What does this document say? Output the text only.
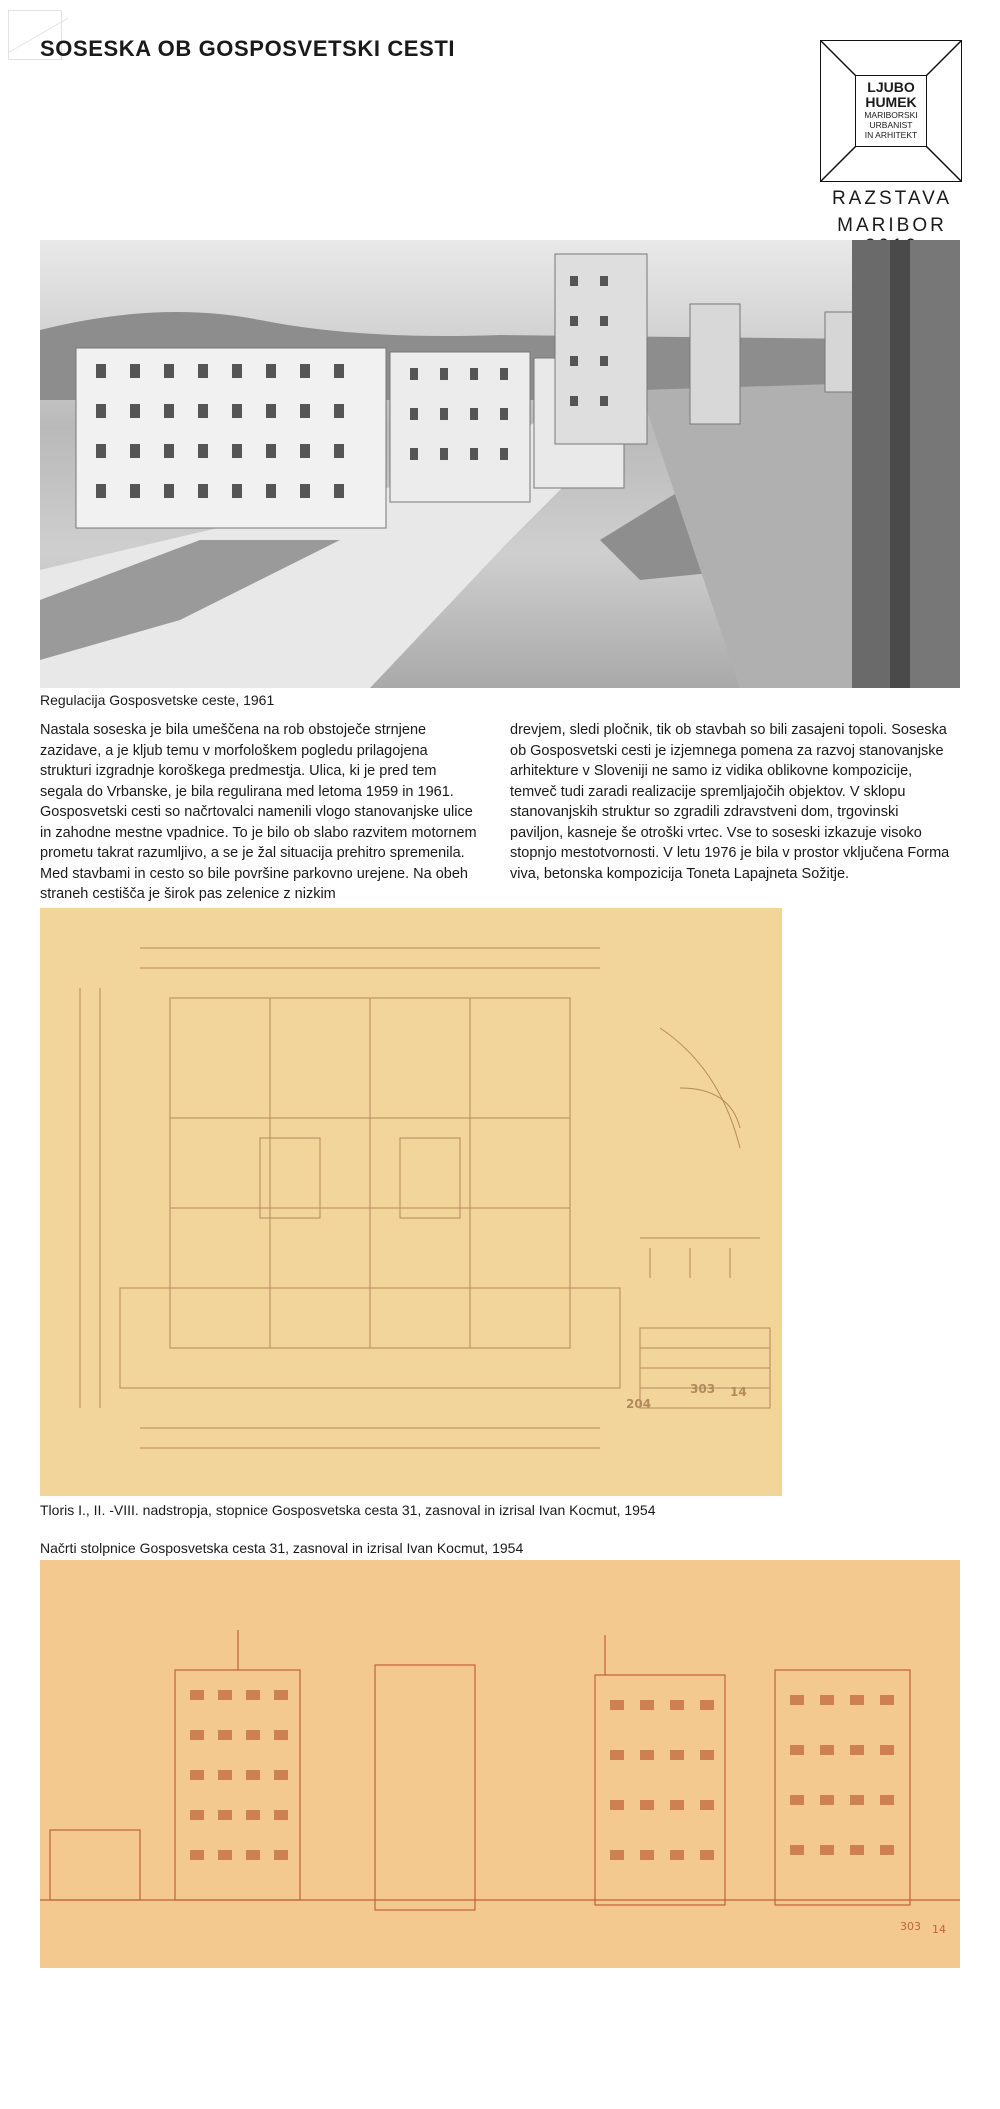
SOSESKA OB GOSPOSVETSKI CESTI
LJUBO
HUMEK
MARIBORSKI
URBANIST
IN ARHITEKT
RAZSTAVA
MARIBOR

Regulacija Gosposvetske ceste, 1961

Nastala soseska je bila umeščena na rob obstoječe strnjene zazidave, a je kljub temu v morfološkem pogledu prilagojena strukturi izgradnje koroškega predmestja. Ulica, ki je pred tem segala do Vrbanske, je bila regulirana med letoma 1959 in 1961. Gosposvetski cesti so načrtovalci namenili vlogo stanovanjske ulice in zahodne mestne vpadnice. To je bilo ob slabo razvitem motornem prometu takrat razumljivo, a se je žal situacija prehitro spremenila. Med stavbami in cesto so bile površine parkovno urejene. Na obeh straneh cestišča je širok pas zelenice z nizkim

drevjem, sledi pločnik, tik ob stavbah so bili zasajeni topoli. Soseska ob Gosposvetski cesti je izjemnega pomena za razvoj stanovanjske arhitekture v Sloveniji ne samo iz vidika oblikovne kompozicije, temveč tudi zaradi realizacije spremljajočih objektov. V sklopu stanovanjskih struktur so zgradili zdravstveni dom, trgovinski paviljon, kasneje še otroški vrtec. Vse to soseski izkazuje visoko stopnjo mestotvornosti. V letu 1976 je bila v prostor vključena Forma viva, betonska kompozicija Toneta Lapajneta Sožitje.

204
303 14

Tloris I., II. -VIII. nadstropja, stopnice Gosposvetska cesta 31, zasnoval in izrisal Ivan Kocmut, 1954

Načrti stolpnice Gosposvetska cesta 31, zasnoval in izrisal Ivan Kocmut, 1954

303 14
